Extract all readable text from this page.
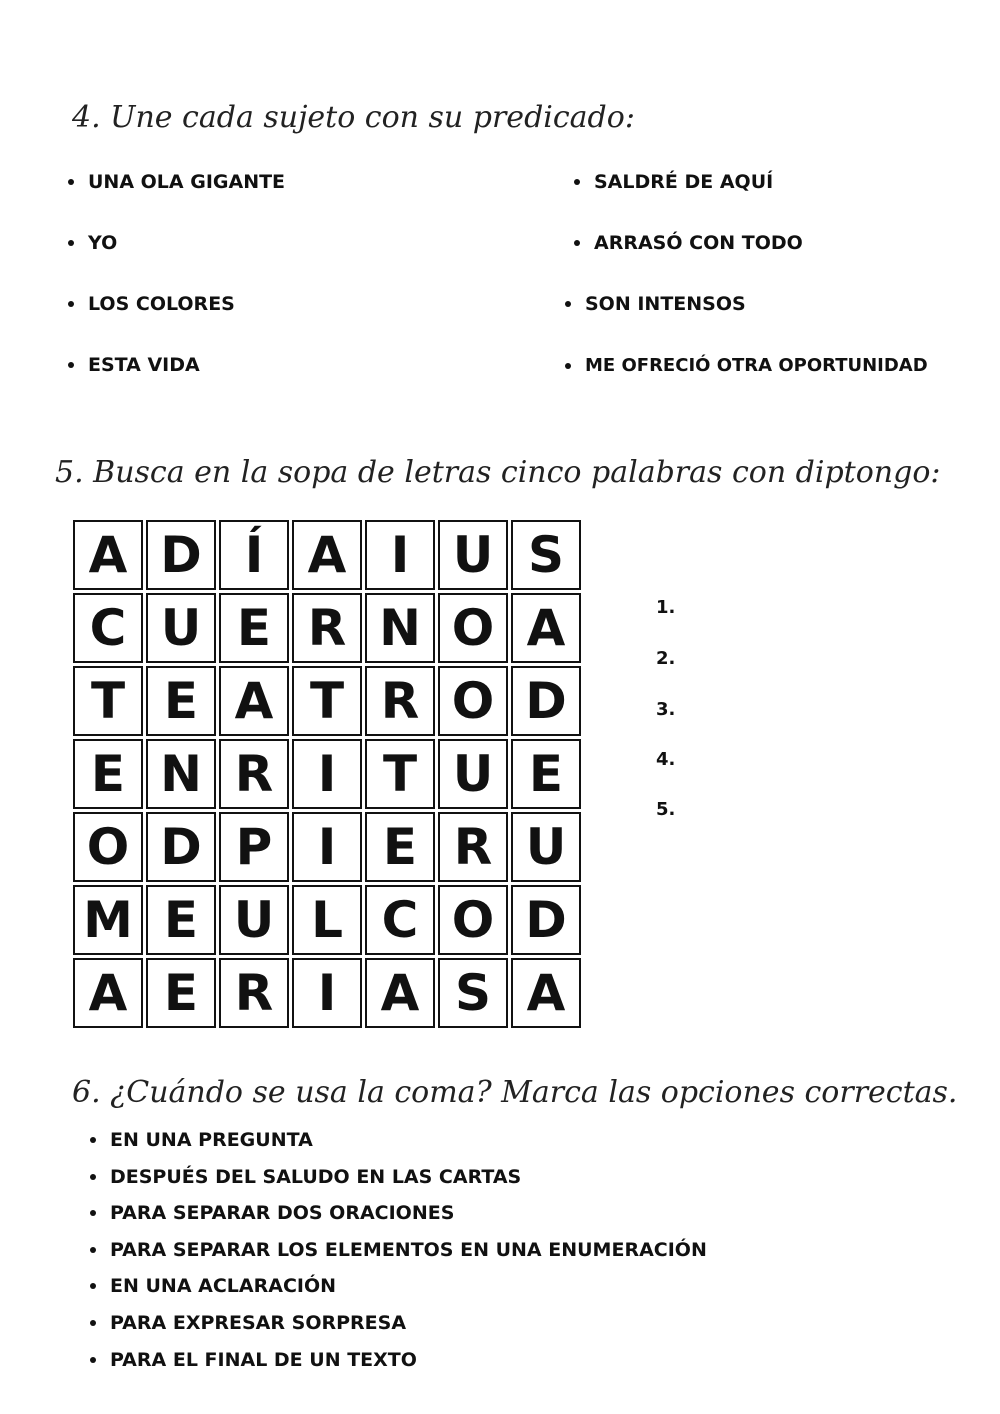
4. Une cada sujeto con su predicado:
UNA OLA GIGANTE
YO
LOS COLORES
ESTA VIDA
SALDRÉ DE AQUÍ
ARRASÓ CON TODO
SON INTENSOS
ME OFRECIÓ OTRA OPORTUNIDAD
5. Busca en la sopa de letras cinco palabras con diptongo:
A D Í A I U S
C U E R N O A
T E A T R O D
E N R I T U E
O D P I E R U
M E U L C O D
A E R I A S A
1.
2.
3.
4.
5.
6. ¿Cuándo se usa la coma? Marca las opciones correctas.
EN UNA PREGUNTA
DESPUÉS DEL SALUDO EN LAS CARTAS
PARA SEPARAR DOS ORACIONES
PARA SEPARAR LOS ELEMENTOS EN UNA ENUMERACIÓN
EN UNA ACLARACIÓN
PARA EXPRESAR SORPRESA
PARA EL FINAL DE UN TEXTO
